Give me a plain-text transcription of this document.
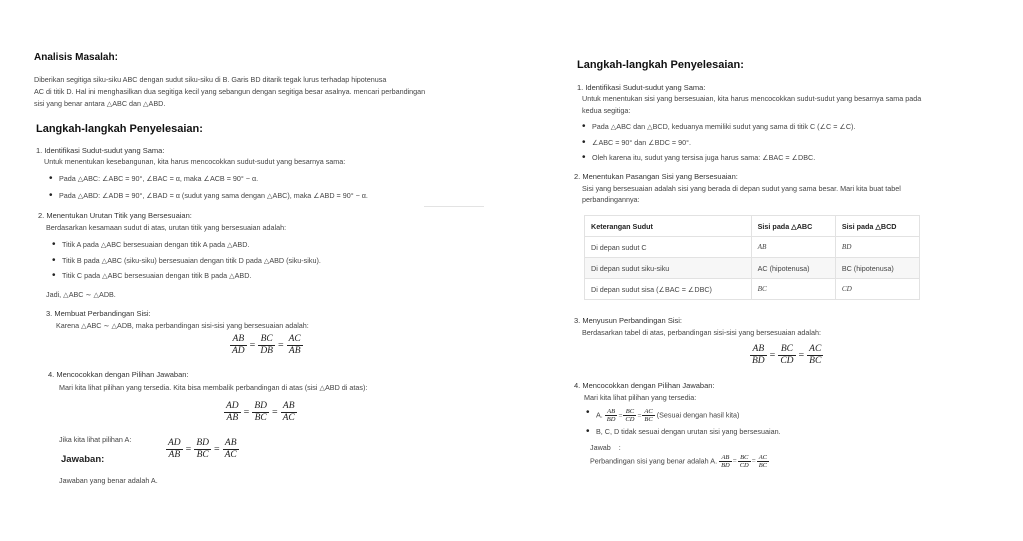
Analisis Masalah:
Diberikan segitiga siku-siku ABC dengan sudut siku-siku di B. Garis BD ditarik tegak lurus terhadap hipotenusa
AC di titik D. Hal ini menghasilkan dua segitiga kecil yang sebangun dengan segitiga besar asalnya. mencari perbandingan
sisi yang benar antara △ABC dan △ABD.
Langkah-langkah Penyelesaian:
1. Identifikasi Sudut-sudut yang Sama:
Untuk menentukan kesebangunan, kita harus mencocokkan sudut-sudut yang besarnya sama:
• Pada △ABC: ∠ABC = 90°, ∠BAC = α, maka ∠ACB = 90° − α.
• Pada △ABD: ∠ADB = 90°, ∠BAD = α (sudut yang sama dengan △ABC), maka ∠ABD = 90° − α.
2. Menentukan Urutan Titik yang Bersesuaian:
Berdasarkan kesamaan sudut di atas, urutan titik yang bersesuaian adalah:
• Titik A pada △ABC bersesuaian dengan titik A pada △ABD.
• Titik B pada △ABC (siku-siku) bersesuaian dengan titik D pada △ABD (siku-siku).
• Titik C pada △ABC bersesuaian dengan titik B pada △ABD.
Jadi, △ABC ∼ △ADB.
3. Membuat Perbandingan Sisi:
Karena △ABC ∼ △ADB, maka perbandingan sisi-sisi yang bersesuaian adalah:
$\frac{AB}{AD} = \frac{BC}{DB} = \frac{AC}{AB}$
4. Mencocokkan dengan Pilihan Jawaban:
Mari kita lihat pilihan yang tersedia. Kita bisa membalik perbandingan di atas (sisi △ABD di atas):
$\frac{AD}{AB} = \frac{BD}{BC} = \frac{AB}{AC}$
Jika kita lihat pilihan A:
Jawaban:	$\frac{AD}{AB} = \frac{BD}{BC} = \frac{AB}{AC}$
Jawaban yang benar adalah A.
Langkah-langkah Penyelesaian:
1. Identifikasi Sudut-sudut yang Sama:
Untuk menentukan sisi yang bersesuaian, kita harus mencocokkan sudut-sudut yang besarnya sama pada
kedua segitiga:
• Pada △ABC dan △BCD, keduanya memiliki sudut yang sama di titik C (∠C = ∠C).
• ∠ABC = 90° dan ∠BDC = 90°.
• Oleh karena itu, sudut yang tersisa juga harus sama: ∠BAC = ∠DBC.
2. Menentukan Pasangan Sisi yang Bersesuaian:
Sisi yang bersesuaian adalah sisi yang berada di depan sudut yang sama besar. Mari kita buat tabel
perbandingannya:
Keterangan Sudut	Sisi pada △ABC	Sisi pada △BCD
Di depan sudut C	AB	BD
Di depan sudut siku-siku	AC (hipotenusa)	BC (hipotenusa)
Di depan sudut sisa (∠BAC = ∠DBC)	BC	CD
3. Menyusun Perbandingan Sisi:
Berdasarkan tabel di atas, perbandingan sisi-sisi yang bersesuaian adalah:
$\frac{AB}{BD} = \frac{BC}{CD} = \frac{AC}{BC}$
4. Mencocokkan dengan Pilihan Jawaban:
Mari kita lihat pilihan yang tersedia:
• A. $\frac{AB}{BD} = \frac{BC}{CD} = \frac{AC}{BC}$ (Sesuai dengan hasil kita)
• B, C, D tidak sesuai dengan urutan sisi yang bersesuaian.
Jawab    :
Perbandingan sisi yang benar adalah A. $\frac{AB}{BD} = \frac{BC}{CD} = \frac{AC}{BC}$
